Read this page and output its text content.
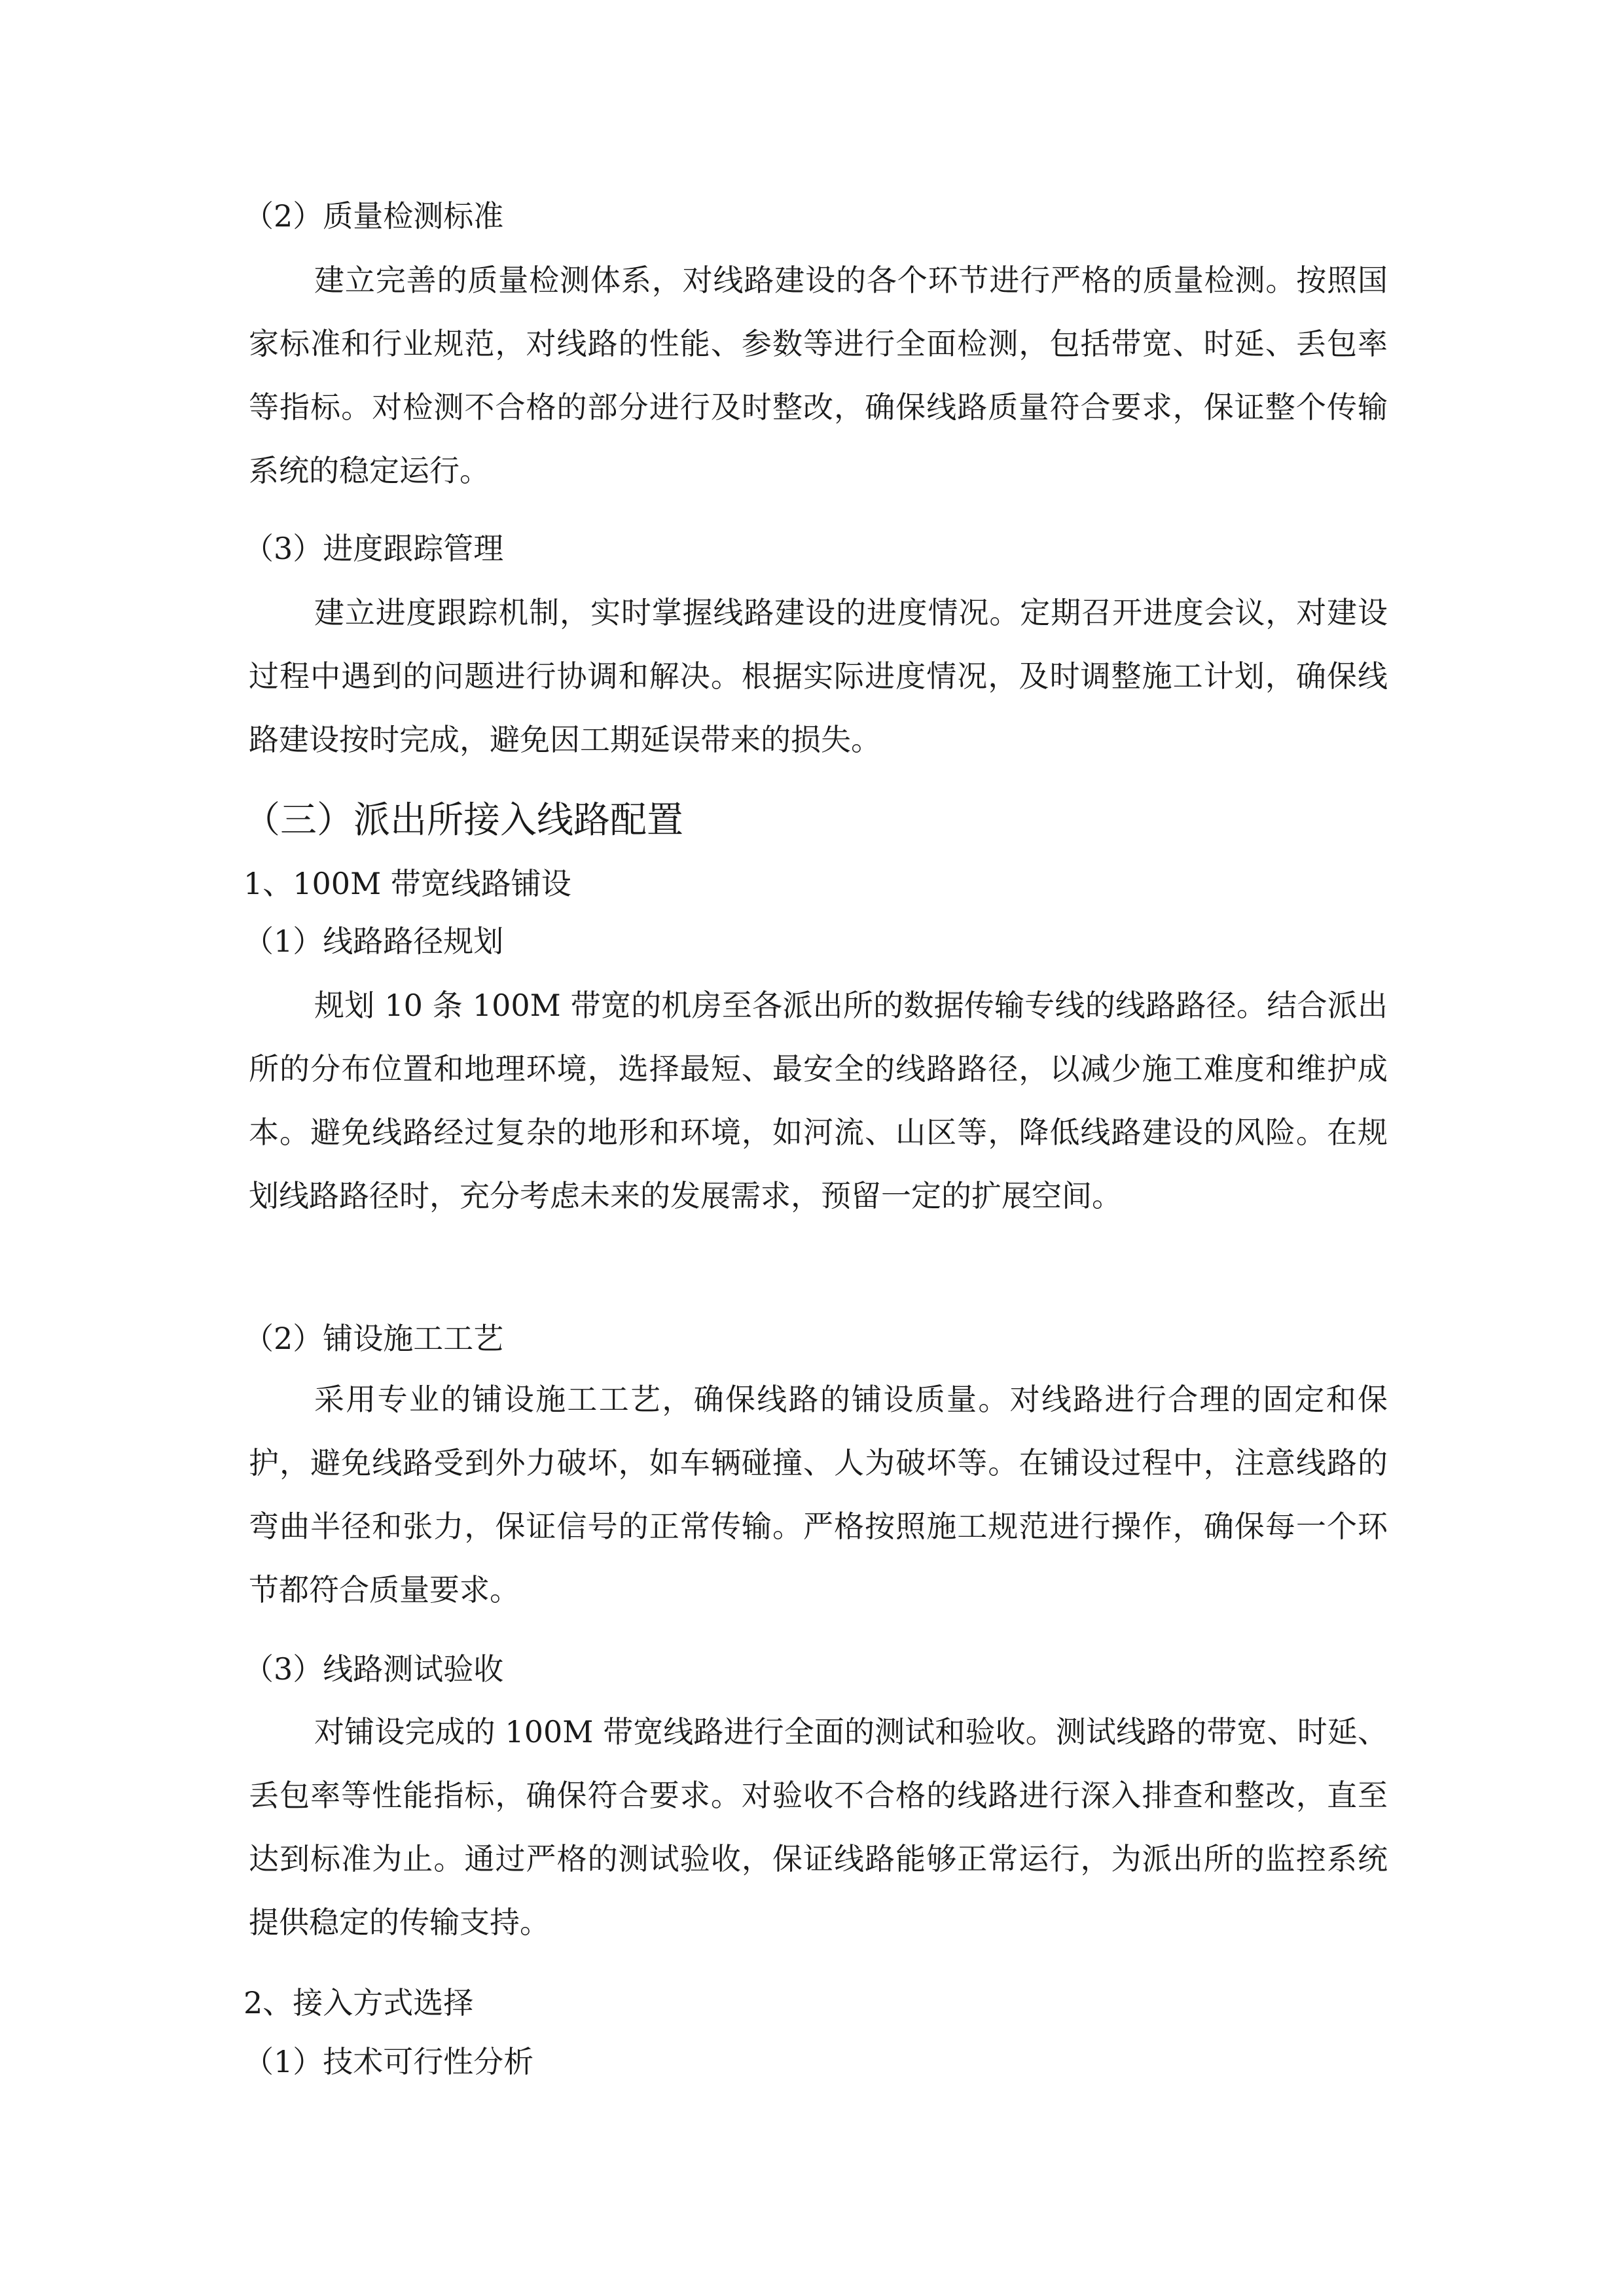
（2）质量检测标准

建立完善的质量检测体系，对线路建设的各个环节进行严格的质量检测。按照国家标准和行业规范，对线路的性能、参数等进行全面检测，包括带宽、时延、丢包率等指标。对检测不合格的部分进行及时整改，确保线路质量符合要求，保证整个传输系统的稳定运行。

（3）进度跟踪管理

建立进度跟踪机制，实时掌握线路建设的进度情况。定期召开进度会议，对建设过程中遇到的问题进行协调和解决。根据实际进度情况，及时调整施工计划，确保线路建设按时完成，避免因工期延误带来的损失。

（三）派出所接入线路配置
1、100M 带宽线路铺设
（1）线路路径规划

规划 10 条 100M 带宽的机房至各派出所的数据传输专线的线路路径。结合派出所的分布位置和地理环境，选择最短、最安全的线路路径，以减少施工难度和维护成本。避免线路经过复杂的地形和环境，如河流、山区等，降低线路建设的风险。在规划线路路径时，充分考虑未来的发展需求，预留一定的扩展空间。

（2）铺设施工工艺

采用专业的铺设施工工艺，确保线路的铺设质量。对线路进行合理的固定和保护，避免线路受到外力破坏，如车辆碰撞、人为破坏等。在铺设过程中，注意线路的弯曲半径和张力，保证信号的正常传输。严格按照施工规范进行操作，确保每一个环节都符合质量要求。

（3）线路测试验收

对铺设完成的 100M 带宽线路进行全面的测试和验收。测试线路的带宽、时延、丢包率等性能指标，确保符合要求。对验收不合格的线路进行深入排查和整改，直至达到标准为止。通过严格的测试验收，保证线路能够正常运行，为派出所的监控系统提供稳定的传输支持。

2、接入方式选择
（1）技术可行性分析
